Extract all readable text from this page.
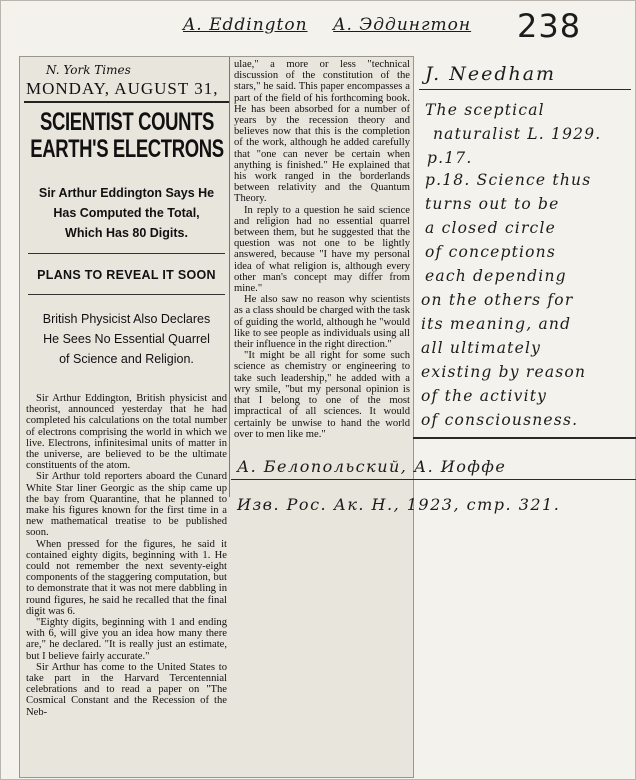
A. Eddington A. Эддингтон 238
N. York Times
MONDAY, AUGUST 31,
SCIENTIST COUNTS
EARTH'S ELECTRONS
Sir Arthur Eddington Says He
Has Computed the Total,
Which Has 80 Digits.
PLANS TO REVEAL IT SOON
British Physicist Also Declares
He Sees No Essential Quarrel
of Science and Religion.

Sir Arthur Eddington, British physicist and theorist, announced yesterday that he had completed his calculations on the total number of electrons comprising the world in which we live. Electrons, infinitesimal units of matter in the universe, are believed to be the ultimate constituents of the atom.

Sir Arthur told reporters aboard the Cunard White Star liner Georgic as the ship came up the bay from Quarantine, that he planned to make his figures known for the first time in a new mathematical treatise to be published soon.

When pressed for the figures, he said it contained eighty digits, beginning with 1. He could not remember the next seventy-eight components of the staggering computation, but to demonstrate that it was not mere dabbling in round figures, he said he recalled that the final digit was 6.

"Eighty digits, beginning with 1 and ending with 6, will give you an idea how many there are," he declared. "It is really just an estimate, but I believe fairly accurate."

Sir Arthur has come to the United States to take part in the Harvard Tercentennial celebrations and to read a paper on "The Cosmical Constant and the Recession of the Neb-

ulae," a more or less "technical discussion of the constitution of the stars," he said. This paper encompasses a part of the field of his forthcoming book. He has been absorbed for a number of years by the recession theory and believes now that this is the completion of the work, although he added carefully that "one can never be certain when anything is finished." He explained that his work ranged in the borderlands between relativity and the Quantum Theory.

In reply to a question he said science and religion had no essential quarrel between them, but he suggested that the question was not one to be lightly answered, because "I have my personal idea of what religion is, although every other man's concept may differ from mine."

He also saw no reason why scientists as a class should be charged with the task of guiding the world, although he "would like to see people as individuals using all their influence in the right direction."

"It might be all right for some such science as chemistry or engineering to take such leadership," he added with a wry smile, "but my personal opinion is that I belong to one of the most impractical of all sciences. It would certainly be unwise to hand the world over to men like me."

J. Needham
The sceptical
naturalist L. 1929.
p.17.
p.18. Science thus
turns out to be
a closed circle
of conceptions
each depending
on the others for
its meaning, and
all ultimately
existing by reason
of the activity
of consciousness.
А. Белопольский, А. Иоффе
Изв. Рос. Ак. Н., 1923, стр. 321.
